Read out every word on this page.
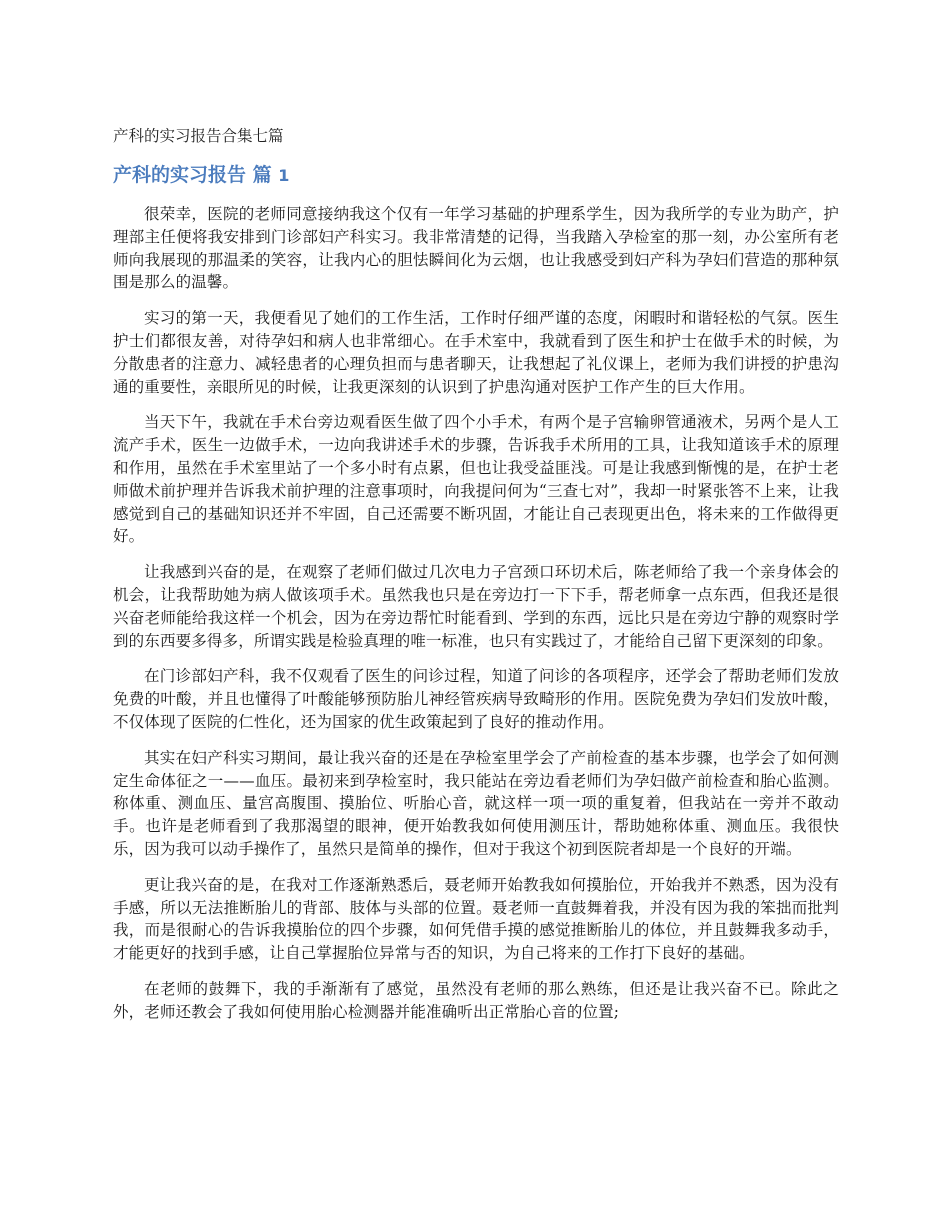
产科的实习报告合集七篇
产科的实习报告 篇 1

很荣幸，医院的老师同意接纳我这个仅有一年学习基础的护理系学生，因为我所学的专业为助产，护理部主任便将我安排到门诊部妇产科实习。我非常清楚的记得，当我踏入孕检室的那一刻，办公室所有老师向我展现的那温柔的笑容，让我内心的胆怯瞬间化为云烟，也让我感受到妇产科为孕妇们营造的那种氛围是那么的温馨。

实习的第一天，我便看见了她们的工作生活，工作时仔细严谨的态度，闲暇时和谐轻松的气氛。医生护士们都很友善，对待孕妇和病人也非常细心。在手术室中，我就看到了医生和护士在做手术的时候，为分散患者的注意力、减轻患者的心理负担而与患者聊天，让我想起了礼仪课上，老师为我们讲授的护患沟通的重要性，亲眼所见的时候，让我更深刻的认识到了护患沟通对医护工作产生的巨大作用。

当天下午，我就在手术台旁边观看医生做了四个小手术，有两个是子宫输卵管通液术，另两个是人工流产手术，医生一边做手术，一边向我讲述手术的步骤，告诉我手术所用的工具，让我知道该手术的原理和作用，虽然在手术室里站了一个多小时有点累，但也让我受益匪浅。可是让我感到惭愧的是，在护士老师做术前护理并告诉我术前护理的注意事项时，向我提问何为“三查七对”，我却一时紧张答不上来，让我感觉到自己的基础知识还并不牢固，自己还需要不断巩固，才能让自己表现更出色，将未来的工作做得更好。

让我感到兴奋的是，在观察了老师们做过几次电力子宫颈口环切术后，陈老师给了我一个亲身体会的机会，让我帮助她为病人做该项手术。虽然我也只是在旁边打一下下手，帮老师拿一点东西，但我还是很兴奋老师能给我这样一个机会，因为在旁边帮忙时能看到、学到的东西，远比只是在旁边宁静的观察时学到的东西要多得多，所谓实践是检验真理的唯一标准，也只有实践过了，才能给自己留下更深刻的印象。

在门诊部妇产科，我不仅观看了医生的问诊过程，知道了问诊的各项程序，还学会了帮助老师们发放免费的叶酸，并且也懂得了叶酸能够预防胎儿神经管疾病导致畸形的作用。医院免费为孕妇们发放叶酸，不仅体现了医院的仁性化，还为国家的优生政策起到了良好的推动作用。

其实在妇产科实习期间，最让我兴奋的还是在孕检室里学会了产前检查的基本步骤，也学会了如何测定生命体征之一——血压。最初来到孕检室时，我只能站在旁边看老师们为孕妇做产前检查和胎心监测。称体重、测血压、量宫高腹围、摸胎位、听胎心音，就这样一项一项的重复着，但我站在一旁并不敢动手。也许是老师看到了我那渴望的眼神，便开始教我如何使用测压计，帮助她称体重、测血压。我很快乐，因为我可以动手操作了，虽然只是简单的操作，但对于我这个初到医院者却是一个良好的开端。

更让我兴奋的是，在我对工作逐渐熟悉后，聂老师开始教我如何摸胎位，开始我并不熟悉，因为没有手感，所以无法推断胎儿的背部、肢体与头部的位置。聂老师一直鼓舞着我，并没有因为我的笨拙而批判我，而是很耐心的告诉我摸胎位的四个步骤，如何凭借手摸的感觉推断胎儿的体位，并且鼓舞我多动手，才能更好的找到手感，让自己掌握胎位异常与否的知识，为自己将来的工作打下良好的基础。

在老师的鼓舞下，我的手渐渐有了感觉，虽然没有老师的那么熟练，但还是让我兴奋不已。除此之外，老师还教会了我如何使用胎心检测器并能准确听出正常胎心音的位置;
